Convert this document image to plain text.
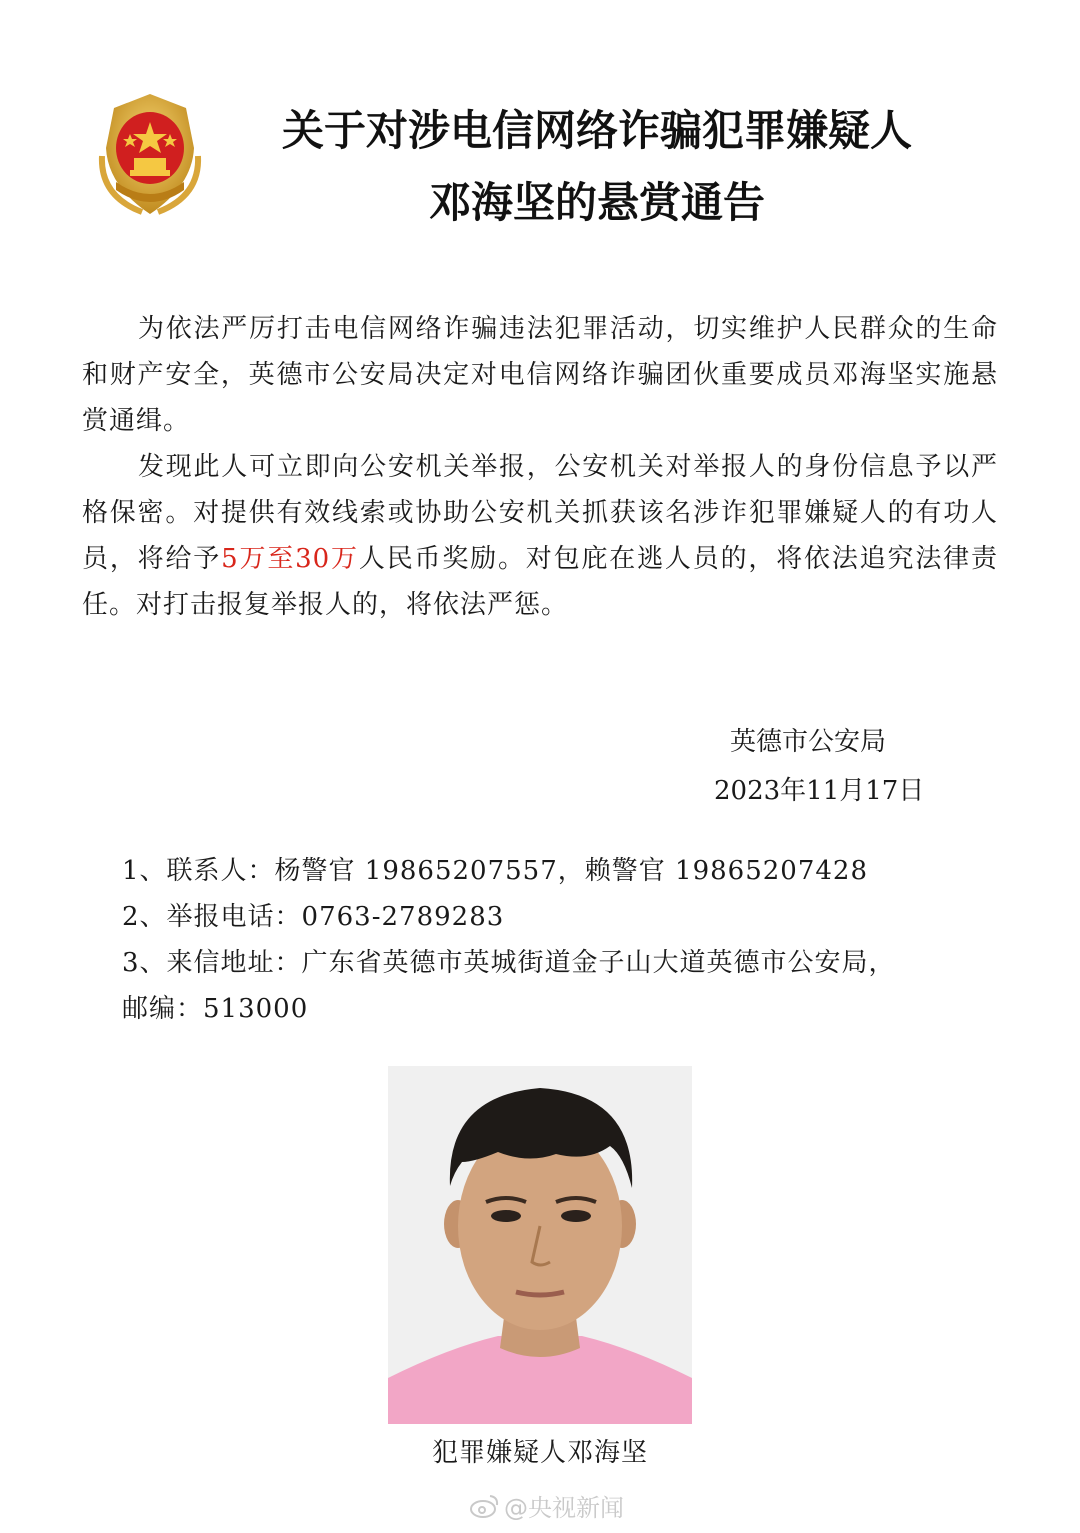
关于对涉电信网络诈骗犯罪嫌疑人
邓海坚的悬赏通告

为依法严厉打击电信网络诈骗违法犯罪活动，切实维护人民群众的生命和财产安全，英德市公安局决定对电信网络诈骗团伙重要成员邓海坚实施悬赏通缉。

发现此人可立即向公安机关举报，公安机关对举报人的身份信息予以严格保密。对提供有效线索或协助公安机关抓获该名涉诈犯罪嫌疑人的有功人员，将给予5万至30万人民币奖励。对包庇在逃人员的，将依法追究法律责任。对打击报复举报人的，将依法严惩。

英德市公安局
2023年11月17日
1、联系人：杨警官 19865207557，赖警官 19865207428
2、举报电话：0763-2789283
3、来信地址：广东省英德市英城街道金子山大道英德市公安局，
邮编：513000
犯罪嫌疑人邓海坚
@央视新闻
